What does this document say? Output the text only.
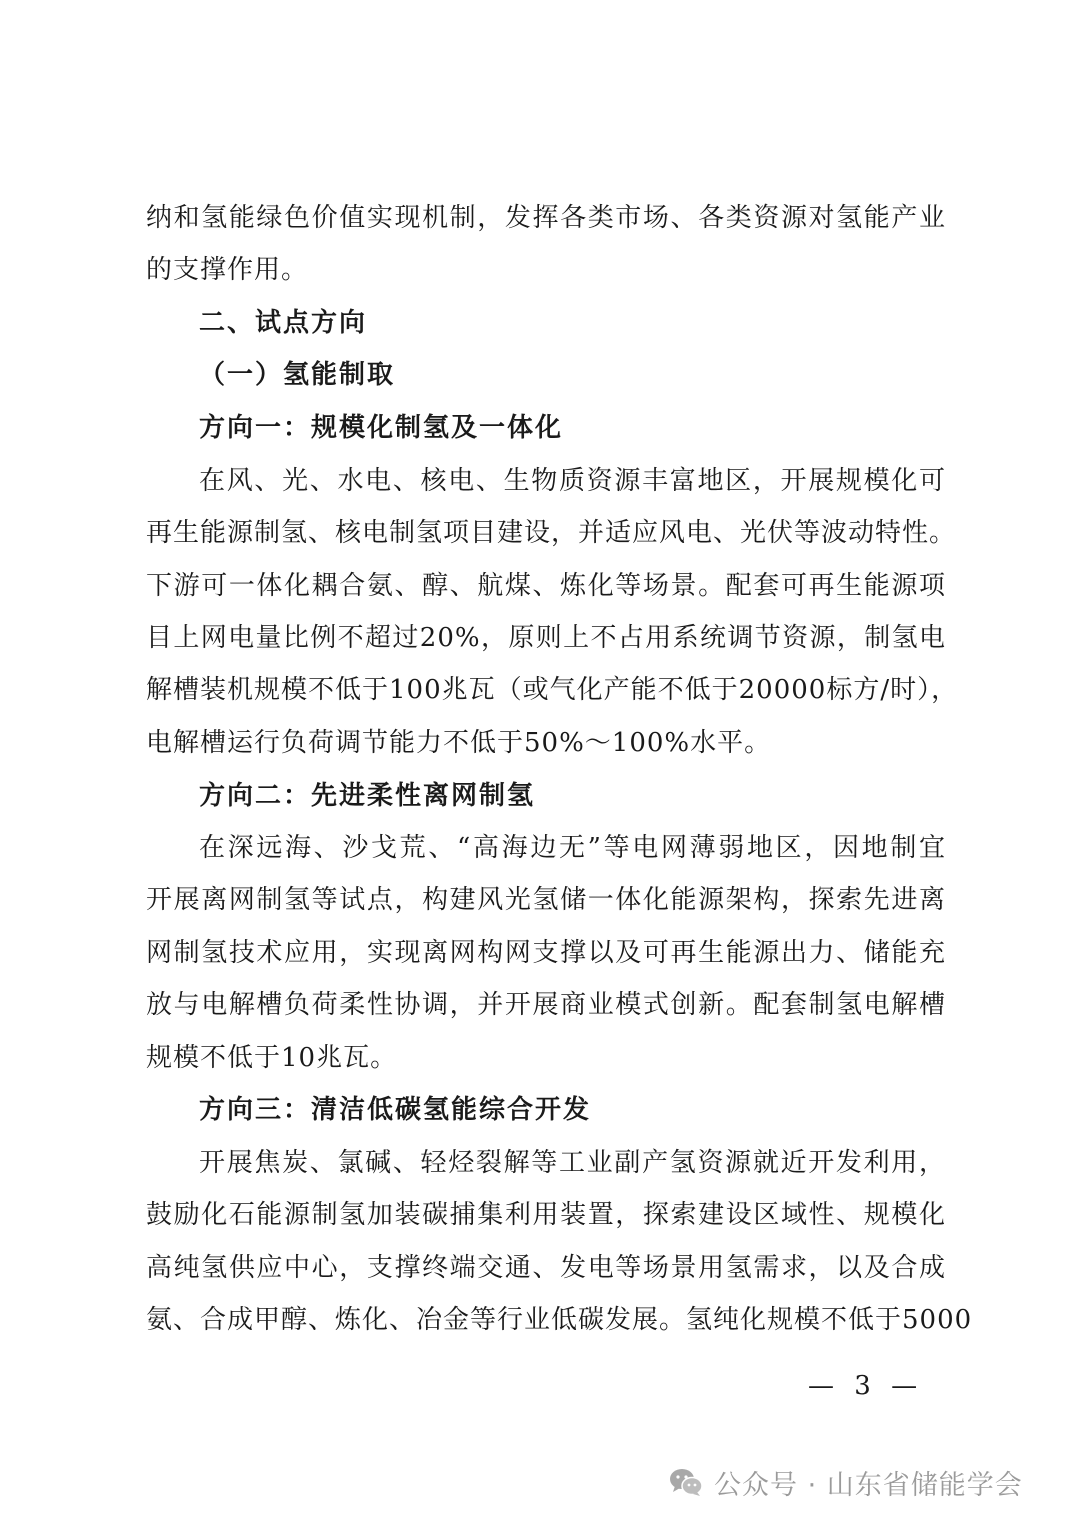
纳和氢能绿色价值实现机制，发挥各类市场、各类资源对氢能产业
的支撑作用。
二、试点方向
（一）氢能制取
方向一：规模化制氢及一体化
在风、光、水电、核电、生物质资源丰富地区，开展规模化可
再生能源制氢、核电制氢项目建设，并适应风电、光伏等波动特性。
下游可一体化耦合氨、醇、航煤、炼化等场景。配套可再生能源项
目上网电量比例不超过20%，原则上不占用系统调节资源，制氢电
解槽装机规模不低于100兆瓦（或气化产能不低于20000标方/时），
电解槽运行负荷调节能力不低于50%～100%水平。
方向二：先进柔性离网制氢
在深远海、沙戈荒、“高海边无”等电网薄弱地区，因地制宜
开展离网制氢等试点，构建风光氢储一体化能源架构，探索先进离
网制氢技术应用，实现离网构网支撑以及可再生能源出力、储能充
放与电解槽负荷柔性协调，并开展商业模式创新。配套制氢电解槽
规模不低于10兆瓦。
方向三：清洁低碳氢能综合开发
开展焦炭、氯碱、轻烃裂解等工业副产氢资源就近开发利用，
鼓励化石能源制氢加装碳捕集利用装置，探索建设区域性、规模化
高纯氢供应中心，支撑终端交通、发电等场景用氢需求，以及合成
氨、合成甲醇、炼化、冶金等行业低碳发展。氢纯化规模不低于5000
— 3 —
公众号 · 山东省储能学会
